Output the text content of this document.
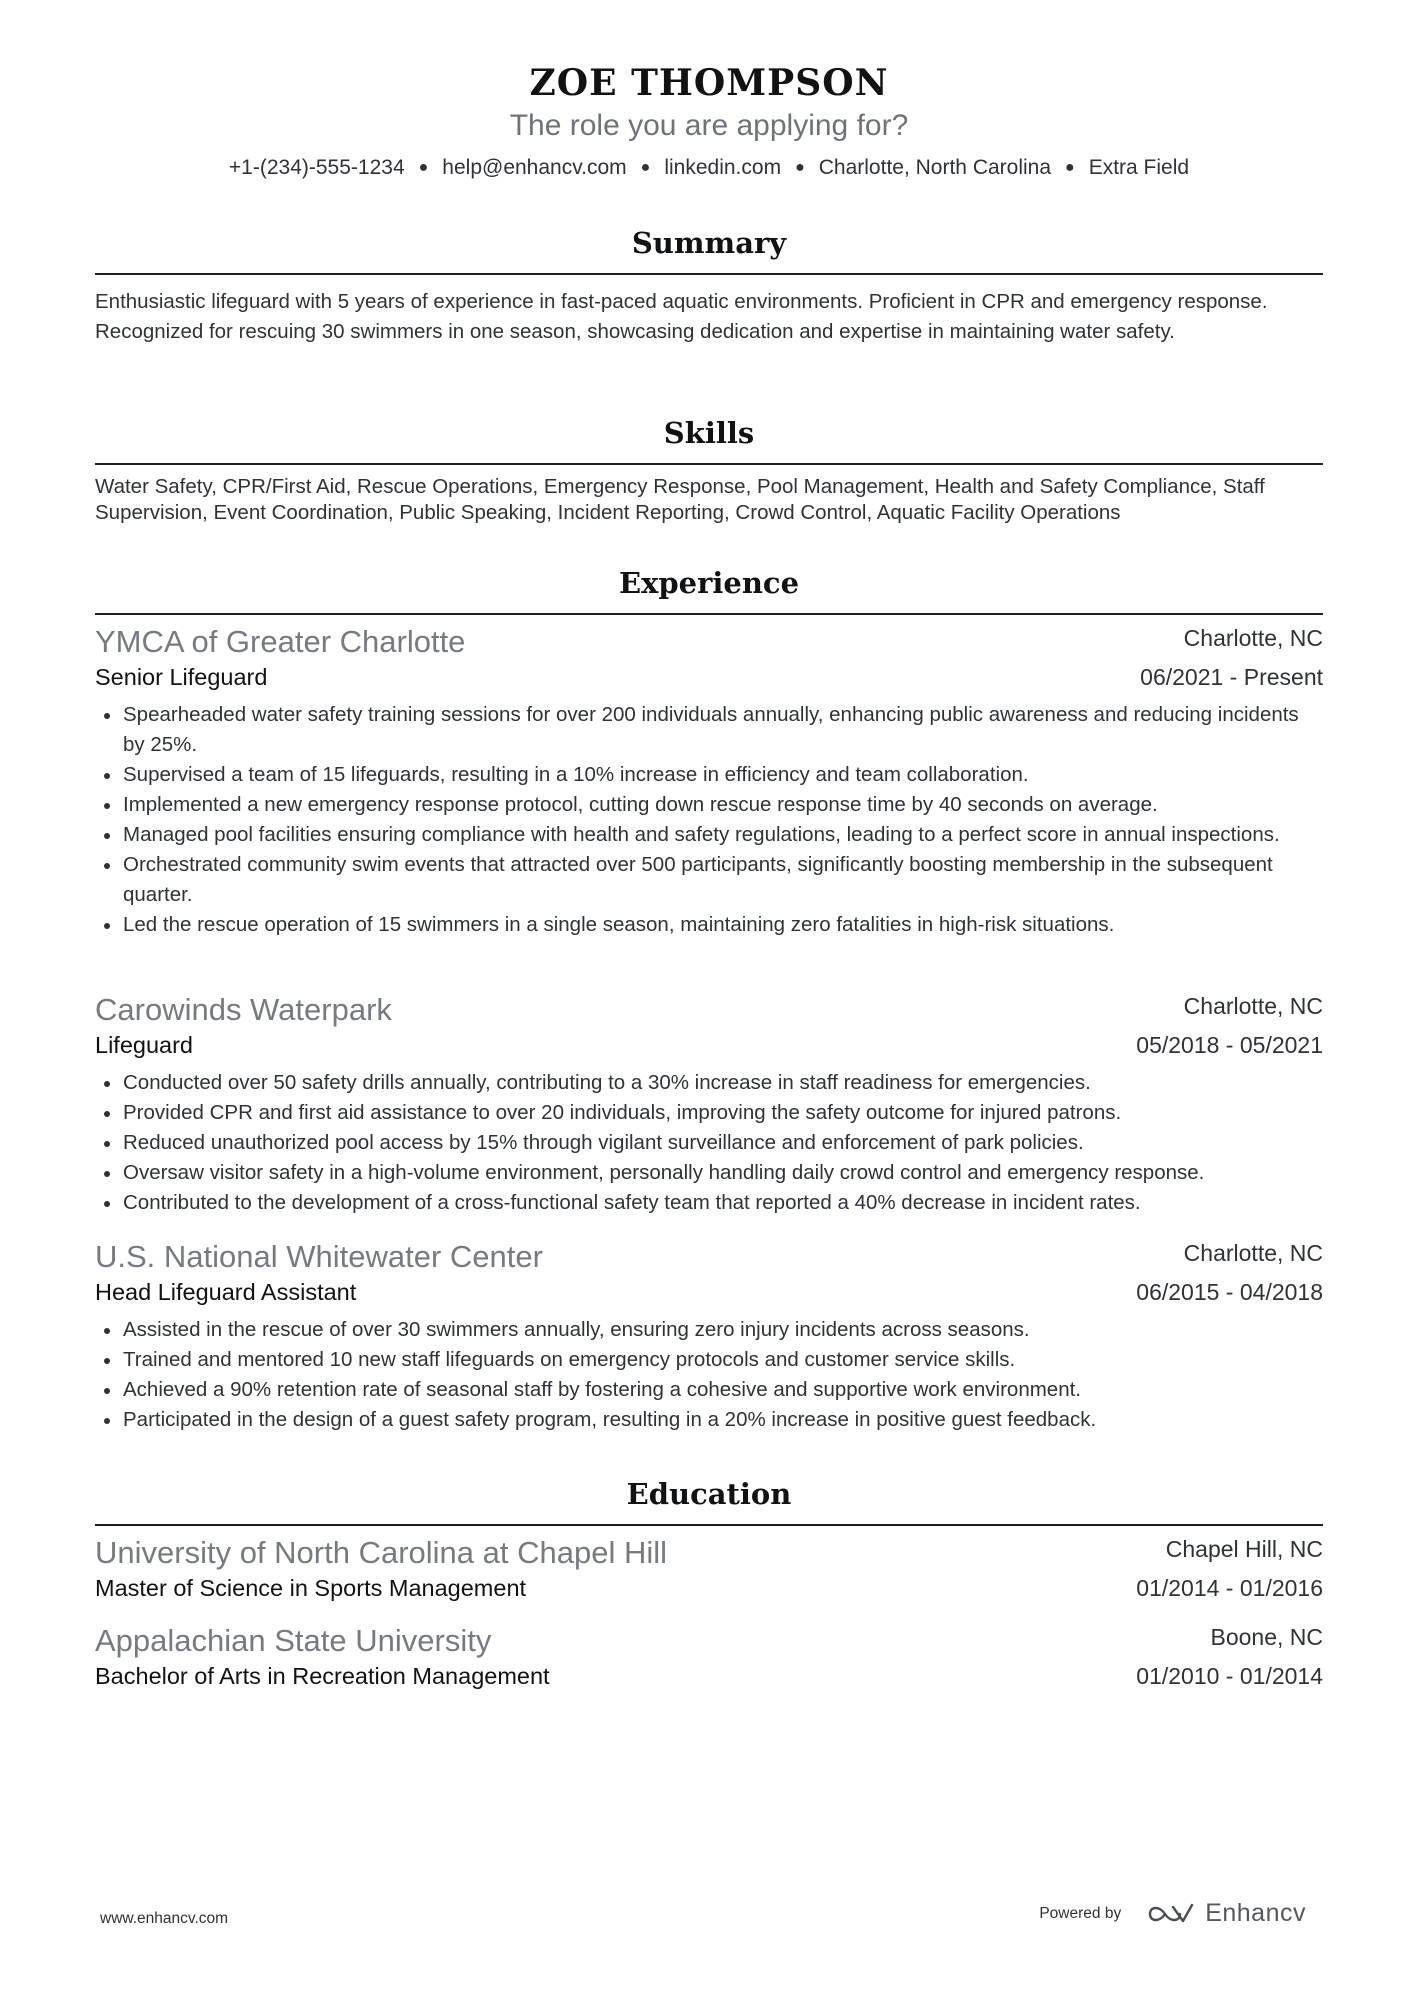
ZOE THOMPSON
The role you are applying for?
+1-(234)-555-1234 ● help@enhancv.com ● linkedin.com ● Charlotte, North Carolina ● Extra Field
Summary
Enthusiastic lifeguard with 5 years of experience in fast-paced aquatic environments. Proficient in CPR and emergency response. Recognized for rescuing 30 swimmers in one season, showcasing dedication and expertise in maintaining water safety.
Skills
Water Safety, CPR/First Aid, Rescue Operations, Emergency Response, Pool Management, Health and Safety Compliance, Staff Supervision, Event Coordination, Public Speaking, Incident Reporting, Crowd Control, Aquatic Facility Operations
Experience
YMCA of Greater Charlotte	Charlotte, NC
Senior Lifeguard	06/2021 - Present
Spearheaded water safety training sessions for over 200 individuals annually, enhancing public awareness and reducing incidents by 25%.
Supervised a team of 15 lifeguards, resulting in a 10% increase in efficiency and team collaboration.
Implemented a new emergency response protocol, cutting down rescue response time by 40 seconds on average.
Managed pool facilities ensuring compliance with health and safety regulations, leading to a perfect score in annual inspections.
Orchestrated community swim events that attracted over 500 participants, significantly boosting membership in the subsequent quarter.
Led the rescue operation of 15 swimmers in a single season, maintaining zero fatalities in high-risk situations.
Carowinds Waterpark	Charlotte, NC
Lifeguard	05/2018 - 05/2021
Conducted over 50 safety drills annually, contributing to a 30% increase in staff readiness for emergencies.
Provided CPR and first aid assistance to over 20 individuals, improving the safety outcome for injured patrons.
Reduced unauthorized pool access by 15% through vigilant surveillance and enforcement of park policies.
Oversaw visitor safety in a high-volume environment, personally handling daily crowd control and emergency response.
Contributed to the development of a cross-functional safety team that reported a 40% decrease in incident rates.
U.S. National Whitewater Center	Charlotte, NC
Head Lifeguard Assistant	06/2015 - 04/2018
Assisted in the rescue of over 30 swimmers annually, ensuring zero injury incidents across seasons.
Trained and mentored 10 new staff lifeguards on emergency protocols and customer service skills.
Achieved a 90% retention rate of seasonal staff by fostering a cohesive and supportive work environment.
Participated in the design of a guest safety program, resulting in a 20% increase in positive guest feedback.
Education
University of North Carolina at Chapel Hill	Chapel Hill, NC
Master of Science in Sports Management	01/2014 - 01/2016
Appalachian State University	Boone, NC
Bachelor of Arts in Recreation Management	01/2010 - 01/2014
www.enhancv.com	Powered by	Enhancv
